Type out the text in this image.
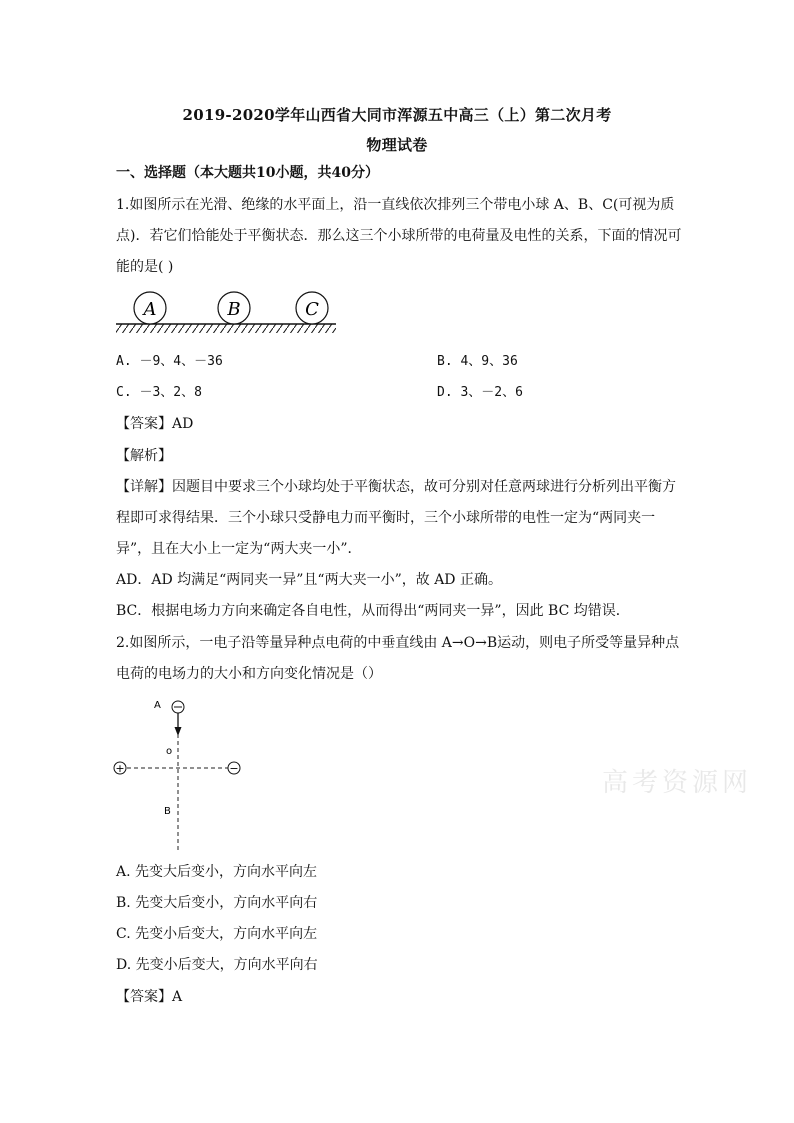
2019-2020学年山西省大同市浑源五中高三（上）第二次月考
物理试卷
一、选择题（本大题共10小题，共40分）
1.如图所示在光滑、绝缘的水平面上，沿一直线依次排列三个带电小球 A、B、C(可视为质
点)．若它们恰能处于平衡状态．那么这三个小球所带的电荷量及电性的关系，下面的情况可
能的是( )
A	B	C
A. －9、4、－36	B. 4、9、36
C. －3、2、8	D. 3、－2、6
【答案】AD
【解析】
【详解】因题目中要求三个小球均处于平衡状态，故可分别对任意两球进行分析列出平衡方
程即可求得结果．三个小球只受静电力而平衡时，三个小球所带的电性一定为“两同夹一
异”，且在大小上一定为“两大夹一小”．
AD．AD 均满足“两同夹一异”且“两大夹一小”，故 AD 正确。
BC．根据电场力方向来确定各自电性，从而得出“两同夹一异”，因此 BC 均错误．
2.如图所示，一电子沿等量异种点电荷的中垂直线由 A→O→B运动，则电子所受等量异种点
电荷的电场力的大小和方向变化情况是（）
A
o
B
+	−	高考资源网
A. 先变大后变小，方向水平向左
B. 先变大后变小，方向水平向右
C. 先变小后变大，方向水平向左
D. 先变小后变大，方向水平向右
【答案】A
